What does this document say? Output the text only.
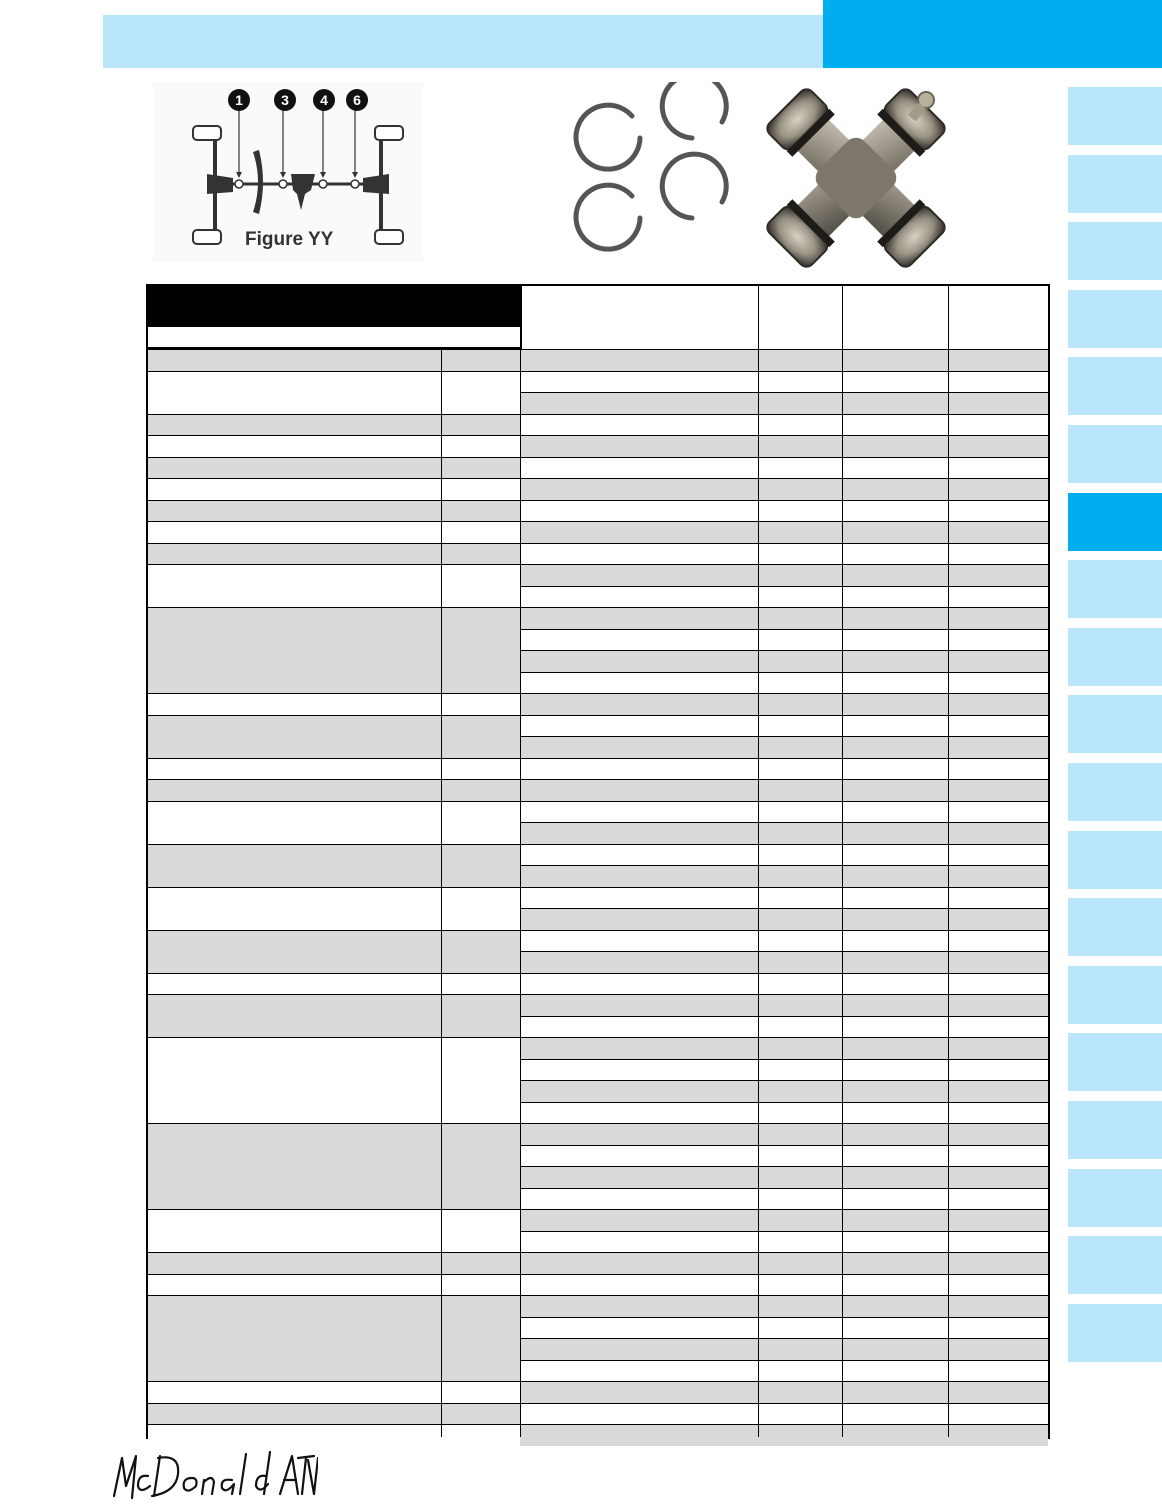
1	3 4 6
Figure YY
McDonald ATV
